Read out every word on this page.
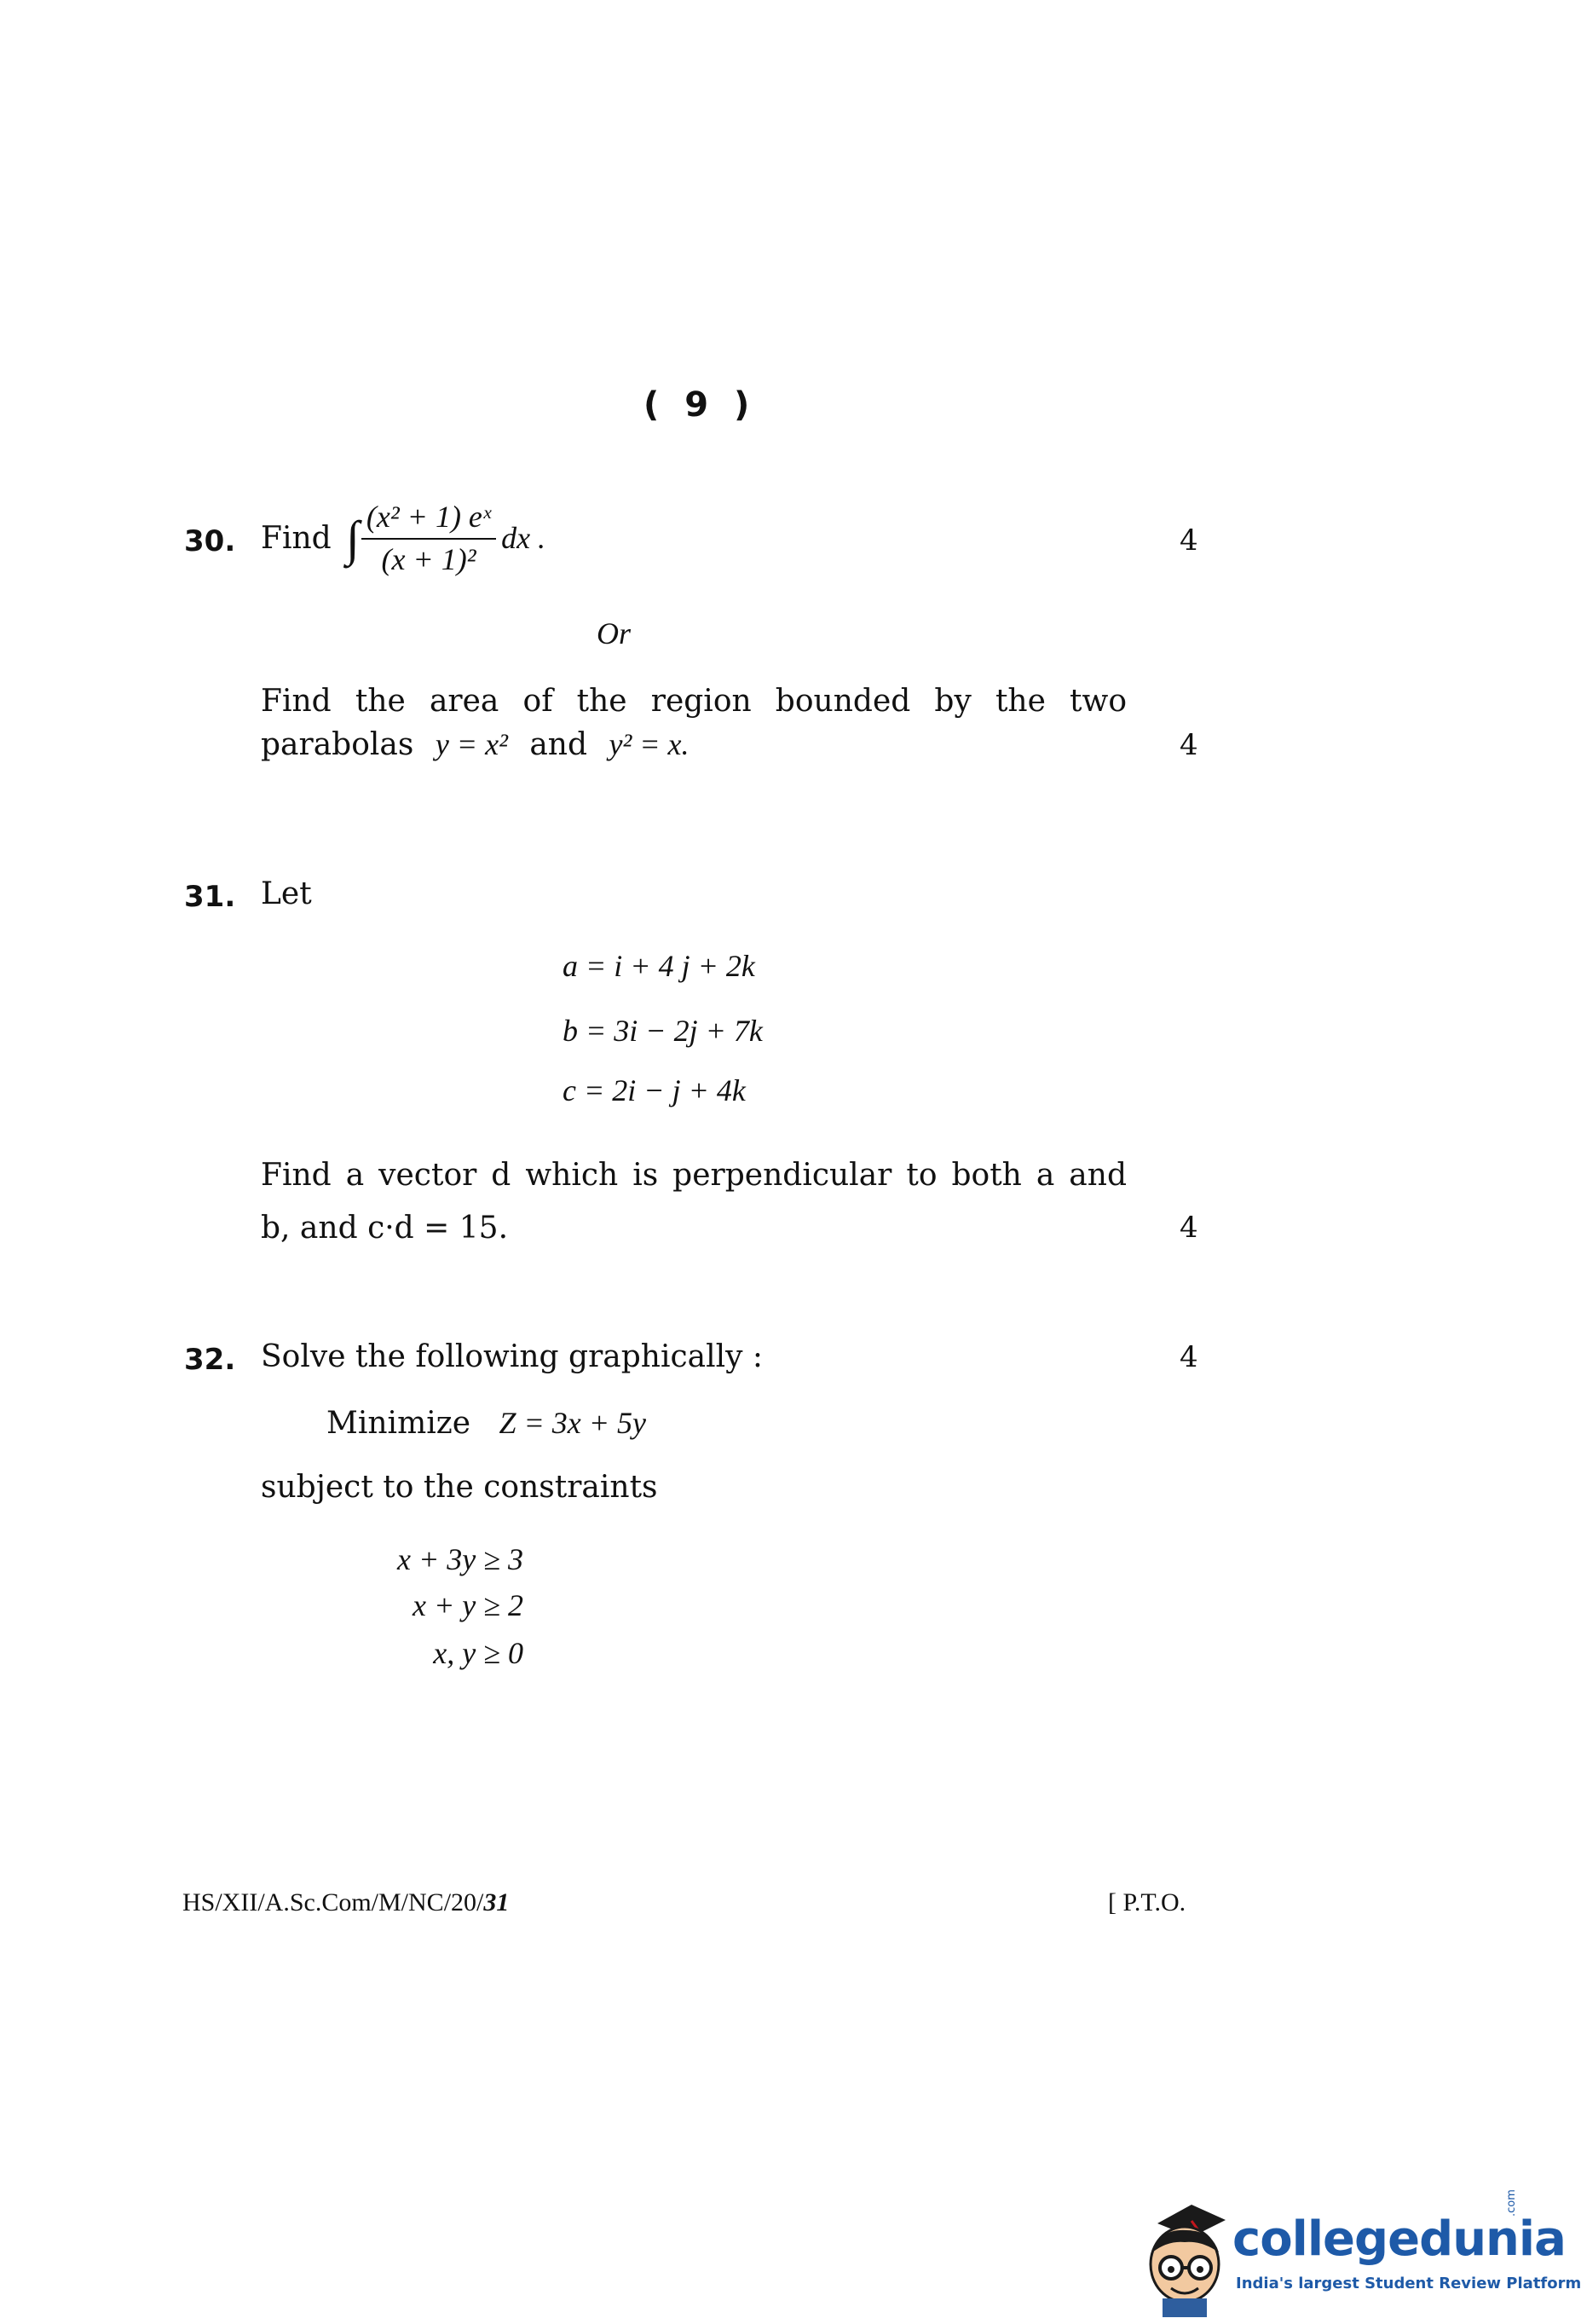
( 9 )
30. Find ∫ $\frac{\text{(x² + 1) eˣ}}{\text{(x + 1)²}}$ dx .	4
Or
Find the area of the region bounded by the two
parabolas y = x² and y² = x.	4
31. Let
a = i + 4 j + 2k
b = 3i − 2j + 7k
c = 2i − j + 4k
Find a vector d which is perpendicular to both a and
b, and c·d = 15.	4
32. Solve the following graphically :	4
Minimize Z = 3x + 5y
subject to the constraints
x + 3y ≥ 3
x + y ≥ 2
x, y ≥ 0
HS/XII/A.Sc.Com/M/NC/20/31	[ P.T.O.
collegedunia
.com
India's largest Student Review Platform
